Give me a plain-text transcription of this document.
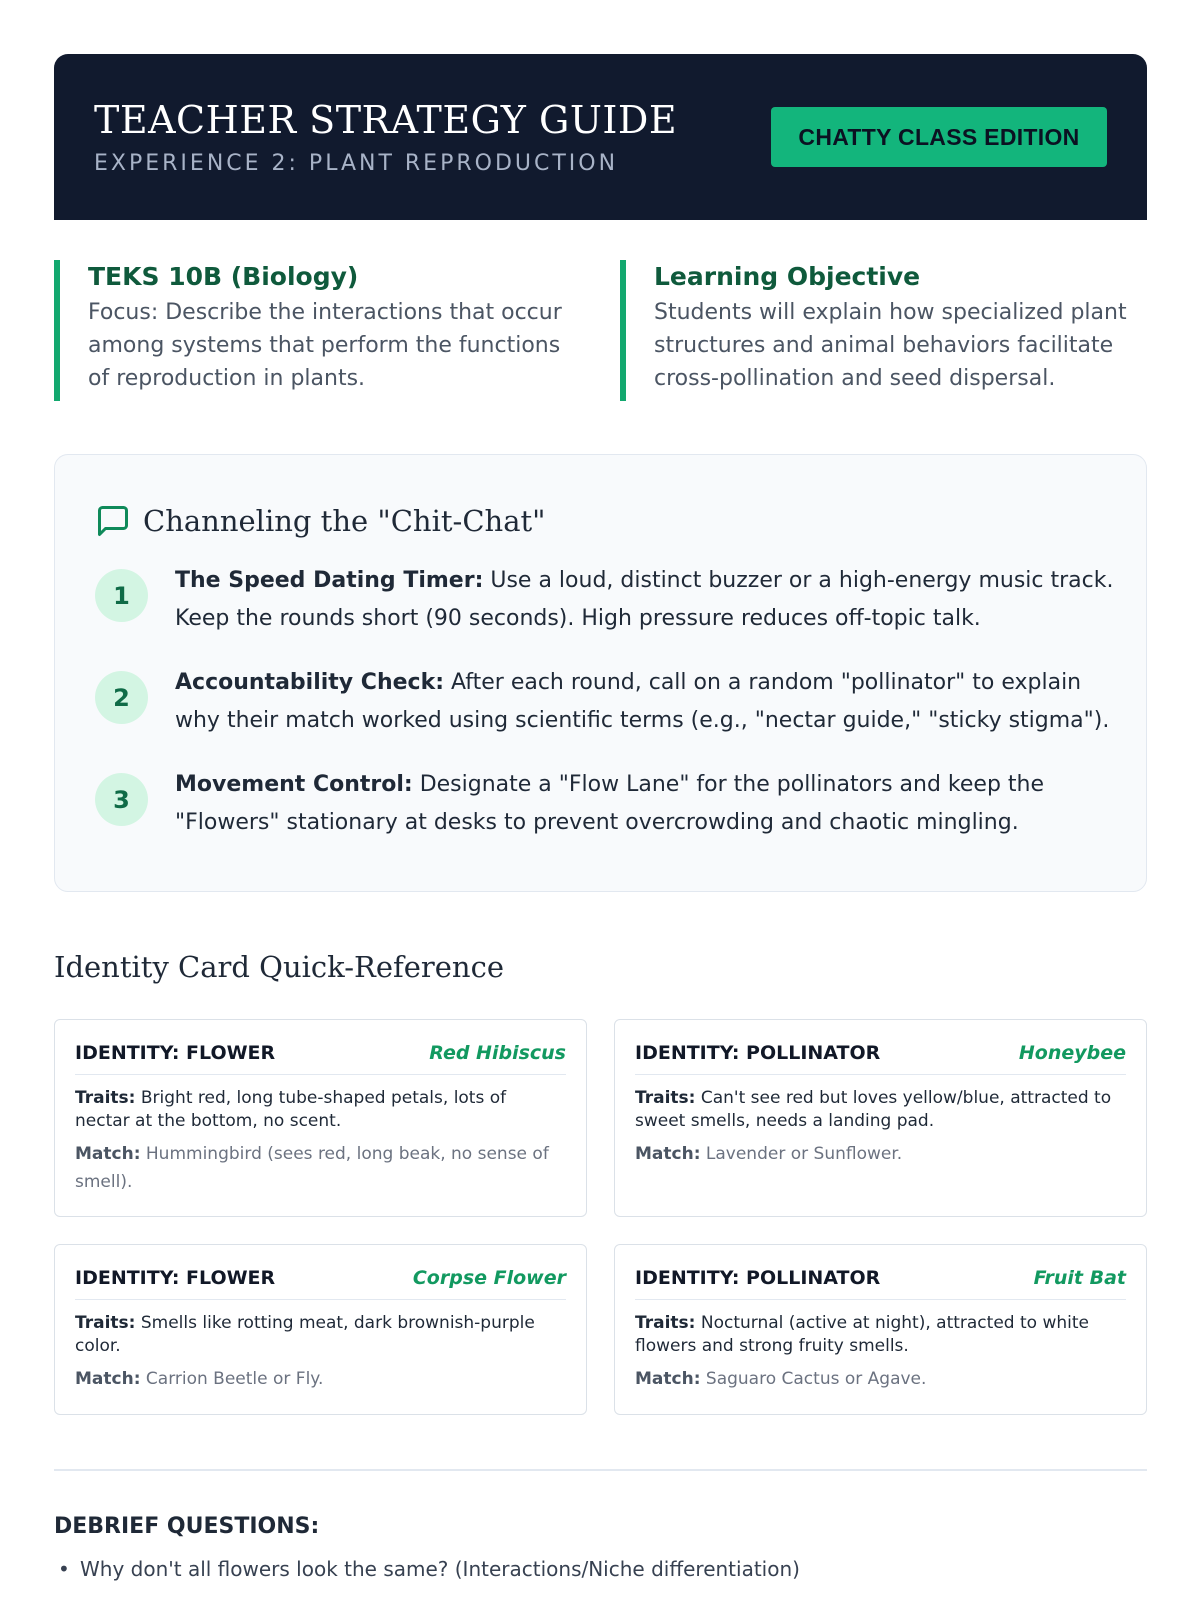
TEACHER STRATEGY GUIDE
EXPERIENCE 2: PLANT REPRODUCTION
CHATTY CLASS EDITION
TEKS 10B (Biology)
Focus: Describe the interactions that occur among systems that perform the functions of reproduction in plants.
Learning Objective
Students will explain how specialized plant structures and animal behaviors facilitate cross-pollination and seed dispersal.
Channeling the "Chit-Chat"
1
The Speed Dating Timer: Use a loud, distinct buzzer or a high-energy music track. Keep the rounds short (90 seconds). High pressure reduces off-topic talk.
2
Accountability Check: After each round, call on a random "pollinator" to explain why their match worked using scientific terms (e.g., "nectar guide," "sticky stigma").
3
Movement Control: Designate a "Flow Lane" for the pollinators and keep the "Flowers" stationary at desks to prevent overcrowding and chaotic mingling.
Identity Card Quick-Reference
IDENTITY: FLOWER	Red Hibiscus
Traits: Bright red, long tube-shaped petals, lots of nectar at the bottom, no scent.
Match: Hummingbird (sees red, long beak, no sense of smell).
IDENTITY: POLLINATOR	Honeybee
Traits: Can't see red but loves yellow/blue, attracted to sweet smells, needs a landing pad.
Match: Lavender or Sunflower.
IDENTITY: FLOWER	Corpse Flower
Traits: Smells like rotting meat, dark brownish-purple color.
Match: Carrion Beetle or Fly.
IDENTITY: POLLINATOR	Fruit Bat
Traits: Nocturnal (active at night), attracted to white flowers and strong fruity smells.
Match: Saguaro Cactus or Agave.
DEBRIEF QUESTIONS:
• Why don't all flowers look the same? (Interactions/Niche differentiation)
